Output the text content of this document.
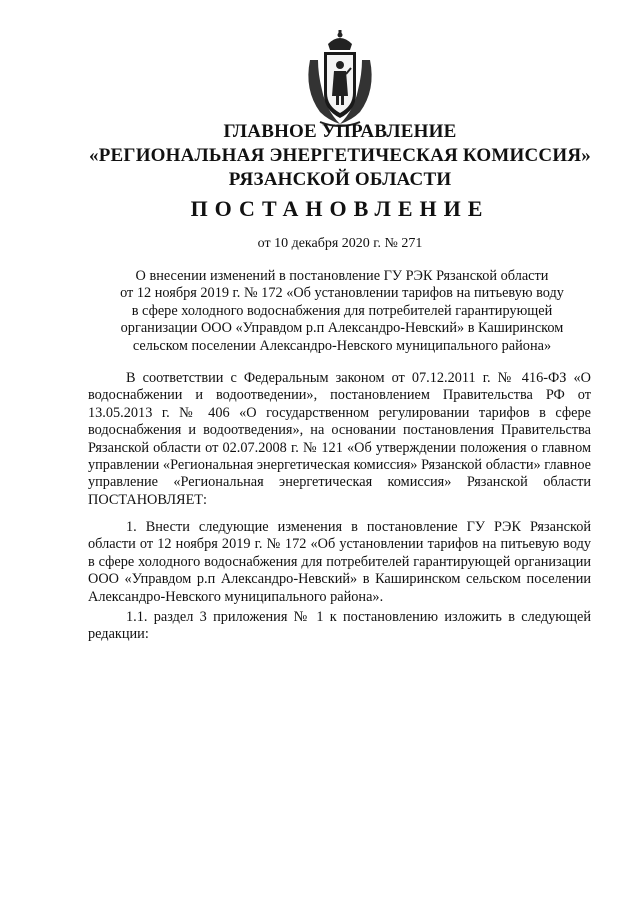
ГЛАВНОЕ УПРАВЛЕНИЕ
«РЕГИОНАЛЬНАЯ ЭНЕРГЕТИЧЕСКАЯ КОМИССИЯ»
РЯЗАНСКОЙ ОБЛАСТИ
ПОСТАНОВЛЕНИЕ
от 10 декабря 2020 г. № 271
О внесении изменений в постановление ГУ РЭК Рязанской области
от 12 ноября 2019 г. № 172 «Об установлении тарифов на питьевую воду
в сфере холодного водоснабжения для потребителей гарантирующей
организации ООО «Управдом р.п Александро-Невский» в Каширинском
сельском поселении Александро-Невского муниципального района»
В соответствии с Федеральным законом от 07.12.2011 г. № 416-ФЗ «О водоснабжении и водоотведении», постановлением Правительства РФ от 13.05.2013 г. № 406 «О государственном регулировании тарифов в сфере водоснабжения и водоотведения», на основании постановления Правительства Рязанской области от 02.07.2008 г. № 121 «Об утверждении положения о главном управлении «Региональная энергетическая комиссия» Рязанской области» главное управление «Региональная энергетическая комиссия» Рязанской области ПОСТАНОВЛЯЕТ:
1. Внести следующие изменения в постановление ГУ РЭК Рязанской области от 12 ноября 2019 г. № 172 «Об установлении тарифов на питьевую воду в сфере холодного водоснабжения для потребителей гарантирующей организации ООО «Управдом р.п Александро-Невский» в Каширинском сельском поселении Александро-Невского муниципального района».
1.1. раздел 3 приложения № 1 к постановлению изложить в следующей редакции:
